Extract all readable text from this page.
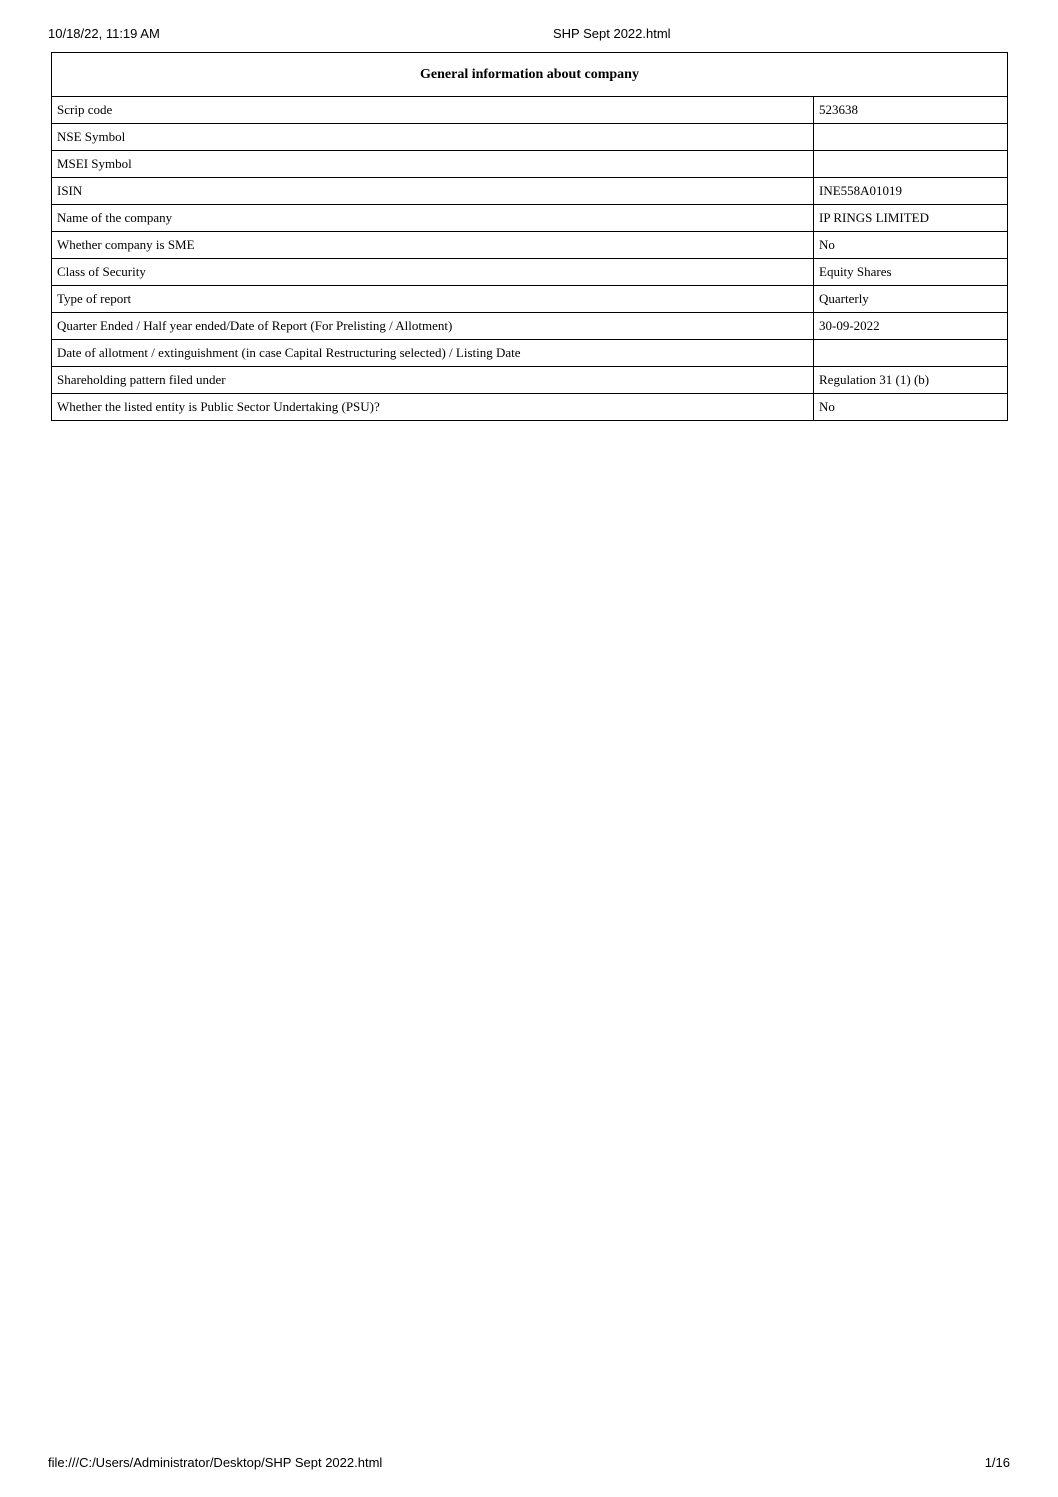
10/18/22, 11:19 AM	SHP Sept 2022.html
General information about company	
Scrip code	523638
NSE Symbol	
MSEI Symbol	
ISIN	INE558A01019
Name of the company	IP RINGS LIMITED
Whether company is SME	No
Class of Security	Equity Shares
Type of report	Quarterly
Quarter Ended / Half year ended/Date of Report (For Prelisting / Allotment)	30-09-2022
Date of allotment / extinguishment (in case Capital Restructuring selected) / Listing Date	
Shareholding pattern filed under	Regulation 31 (1) (b)
Whether the listed entity is Public Sector Undertaking (PSU)?	No
file:///C:/Users/Administrator/Desktop/SHP Sept 2022.html	1/16
